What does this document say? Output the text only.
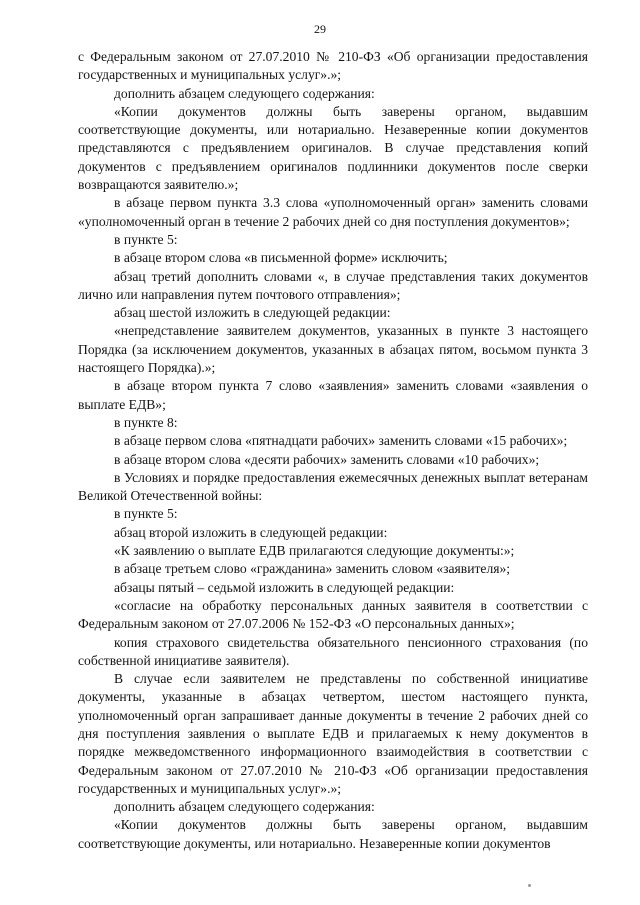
29

с Федеральным законом от 27.07.2010 № 210-ФЗ «Об организации предоставления государственных и муниципальных услуг».»;

дополнить абзацем следующего содержания:

«Копии документов должны быть заверены органом, выдавшим соответствующие документы, или нотариально. Незаверенные копии документов представляются с предъявлением оригиналов. В случае представления копий документов с предъявлением оригиналов подлинники документов после сверки возвращаются заявителю.»;

в абзаце первом пункта 3.3 слова «уполномоченный орган» заменить словами «уполномоченный орган в течение 2 рабочих дней со дня поступления документов»;

в пункте 5:

в абзаце втором слова «в письменной форме» исключить;

абзац третий дополнить словами «, в случае представления таких документов лично или направления путем почтового отправления»;

абзац шестой изложить в следующей редакции:

«непредставление заявителем документов, указанных в пункте 3 настоящего Порядка (за исключением документов, указанных в абзацах пятом, восьмом пункта 3 настоящего Порядка).»;

в абзаце втором пункта 7 слово «заявления» заменить словами «заявления о выплате ЕДВ»;

в пункте 8:

в абзаце первом слова «пятнадцати рабочих» заменить словами «15 рабочих»;

в абзаце втором слова «десяти рабочих» заменить словами «10 рабочих»;

в Условиях и порядке предоставления ежемесячных денежных выплат ветеранам Великой Отечественной войны:

в пункте 5:

абзац второй изложить в следующей редакции:

«К заявлению о выплате ЕДВ прилагаются следующие документы:»;

в абзаце третьем слово «гражданина» заменить словом «заявителя»;

абзацы пятый – седьмой изложить в следующей редакции:

«согласие на обработку персональных данных заявителя в соответствии с Федеральным законом от 27.07.2006 № 152-ФЗ «О персональных данных»;

копия страхового свидетельства обязательного пенсионного страхования (по собственной инициативе заявителя).

В случае если заявителем не представлены по собственной инициативе документы, указанные в абзацах четвертом, шестом настоящего пункта, уполномоченный орган запрашивает данные документы в течение 2 рабочих дней со дня поступления заявления о выплате ЕДВ и прилагаемых к нему документов в порядке межведомственного информационного взаимодействия в соответствии с Федеральным законом от 27.07.2010 № 210-ФЗ «Об организации предоставления государственных и муниципальных услуг».»;

дополнить абзацем следующего содержания:

«Копии документов должны быть заверены органом, выдавшим соответствующие документы, или нотариально. Незаверенные копии документов
